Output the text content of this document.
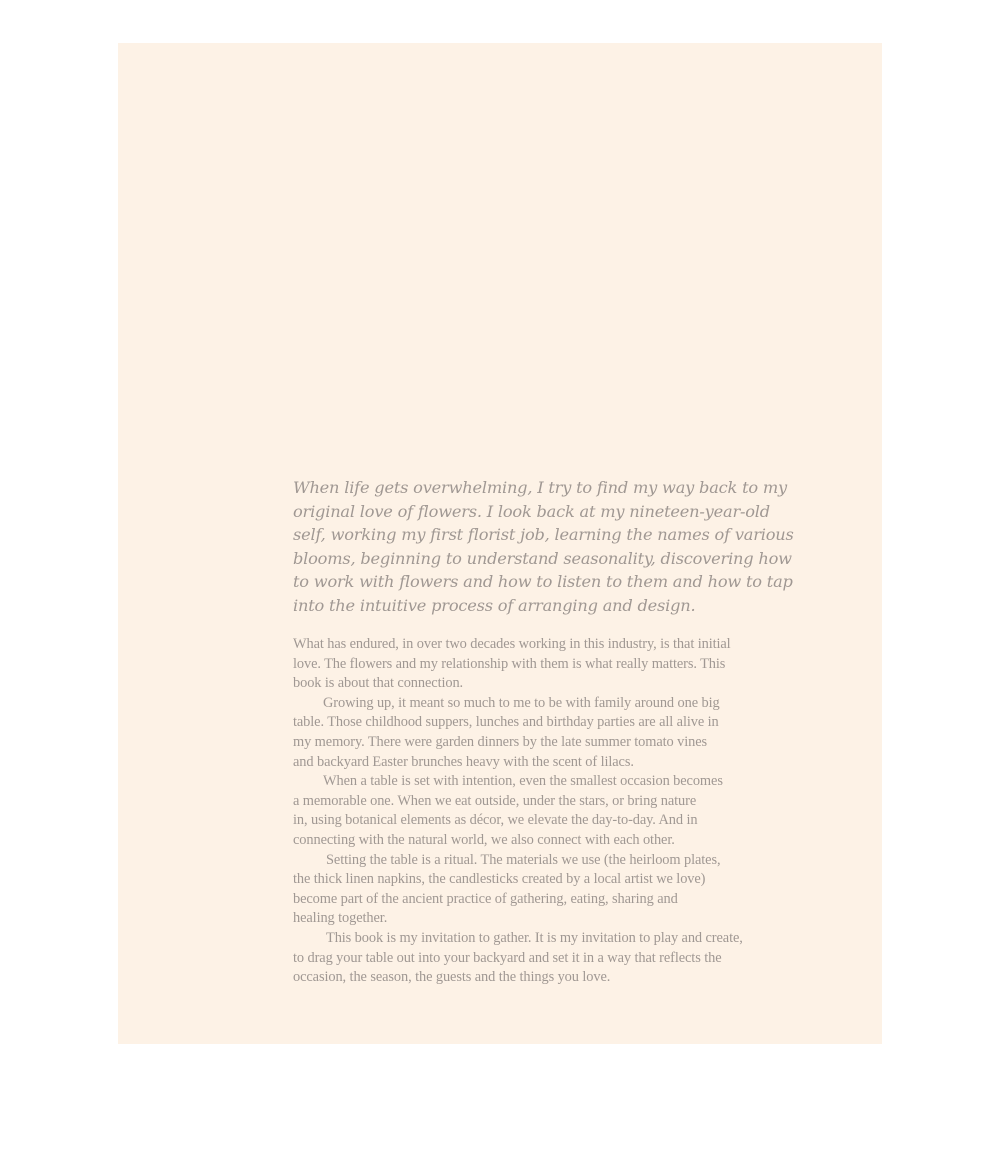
When life gets overwhelming, I try to find my way back to my
original love of flowers. I look back at my nineteen-year-old
self, working my first florist job, learning the names of various
blooms, beginning to understand seasonality, discovering how
to work with flowers and how to listen to them and how to tap
into the intuitive process of arranging and design.
What has endured, in over two decades working in this industry, is that initial
love. The flowers and my relationship with them is what really matters. This
book is about that connection.
Growing up, it meant so much to me to be with family around one big
table. Those childhood suppers, lunches and birthday parties are all alive in
my memory. There were garden dinners by the late summer tomato vines
and backyard Easter brunches heavy with the scent of lilacs.
When a table is set with intention, even the smallest occasion becomes
a memorable one. When we eat outside, under the stars, or bring nature
in, using botanical elements as décor, we elevate the day-to-day. And in
connecting with the natural world, we also connect with each other.
Setting the table is a ritual. The materials we use (the heirloom plates,
the thick linen napkins, the candlesticks created by a local artist we love)
become part of the ancient practice of gathering, eating, sharing and
healing together.
This book is my invitation to gather. It is my invitation to play and create,
to drag your table out into your backyard and set it in a way that reflects the
occasion, the season, the guests and the things you love.
